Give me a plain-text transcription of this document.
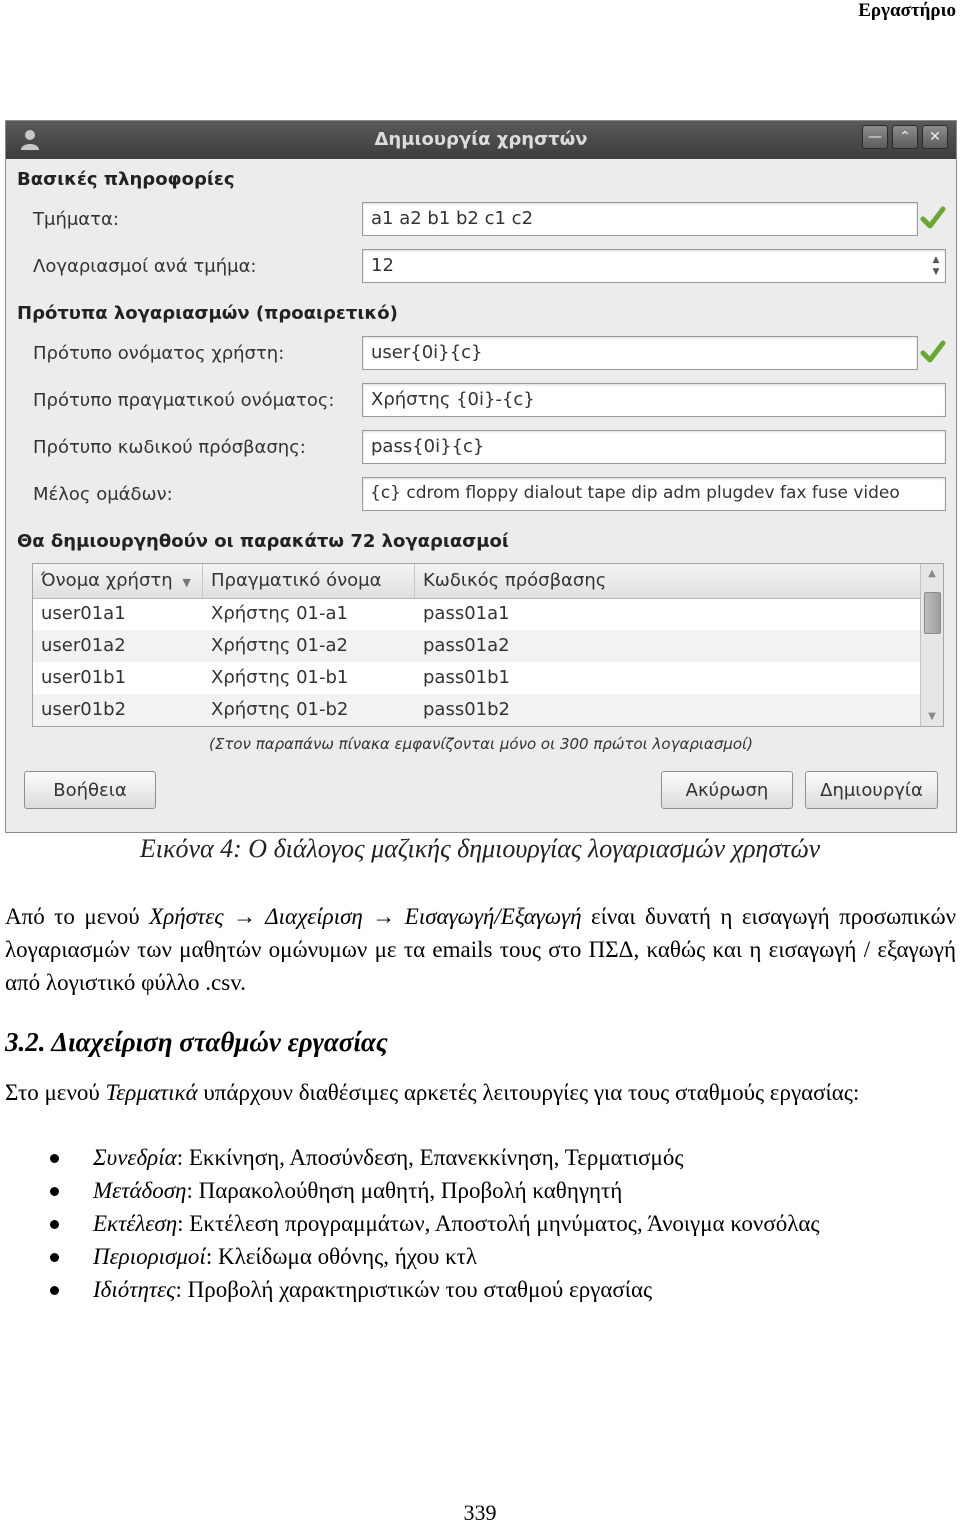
Εργαστήριο
Δημιουργία χρηστών	—	⌃	✕
Βασικές πληροφορίες
Τμήματα:	a1 a2 b1 b2 c1 c2
Λογαριασμοί ανά τμήμα:	12	▲
▼
Πρότυπα λογαριασμών (προαιρετικό)
Πρότυπο ονόματος χρήστη:	user{0i}{c}
Πρότυπο πραγματικού ονόματος:	Χρήστης {0i}-{c}
Πρότυπο κωδικού πρόσβασης:	pass{0i}{c}
Μέλος ομάδων:	{c} cdrom floppy dialout tape dip adm plugdev fax fuse video
Θα δημιουργηθούν οι παρακάτω 72 λογαριασμοί
Όνομα χρήστη ▼	Πραγματικό όνομα	Κωδικός πρόσβασης
user01a1	Χρήστης 01-a1	pass01a1
user01a2	Χρήστης 01-a2	pass01a2
user01b1	Χρήστης 01-b1	pass01b1
user01b2	Χρήστης 01-b2	pass01b2
▲
▼
(Στον παραπάνω πίνακα εμφανίζονται μόνο οι 300 πρώτοι λογαριασμοί)
Βοήθεια	Ακύρωση	Δημιουργία
Εικόνα 4: Ο διάλογος μαζικής δημιουργίας λογαριασμών χρηστών
Από το μενού Χρήστες → Διαχείριση → Εισαγωγή/Εξαγωγή είναι δυνατή η εισαγωγή προσωπικών λογαριασμών των μαθητών ομώνυμων με τα emails τους στο ΠΣΔ, καθώς και η εισαγωγή / εξαγωγή από λογιστικό φύλλο .csv.
3.2. Διαχείριση σταθμών εργασίας
Στο μενού Τερματικά υπάρχουν διαθέσιμες αρκετές λειτουργίες για τους σταθμούς εργασίας:
Συνεδρία: Εκκίνηση, Αποσύνδεση, Επανεκκίνηση, Τερματισμός
Μετάδοση: Παρακολούθηση μαθητή, Προβολή καθηγητή
Εκτέλεση: Εκτέλεση προγραμμάτων, Αποστολή μηνύματος, Άνοιγμα κονσόλας
Περιορισμοί: Κλείδωμα οθόνης, ήχου κτλ
Ιδιότητες: Προβολή χαρακτηριστικών του σταθμού εργασίας
339
